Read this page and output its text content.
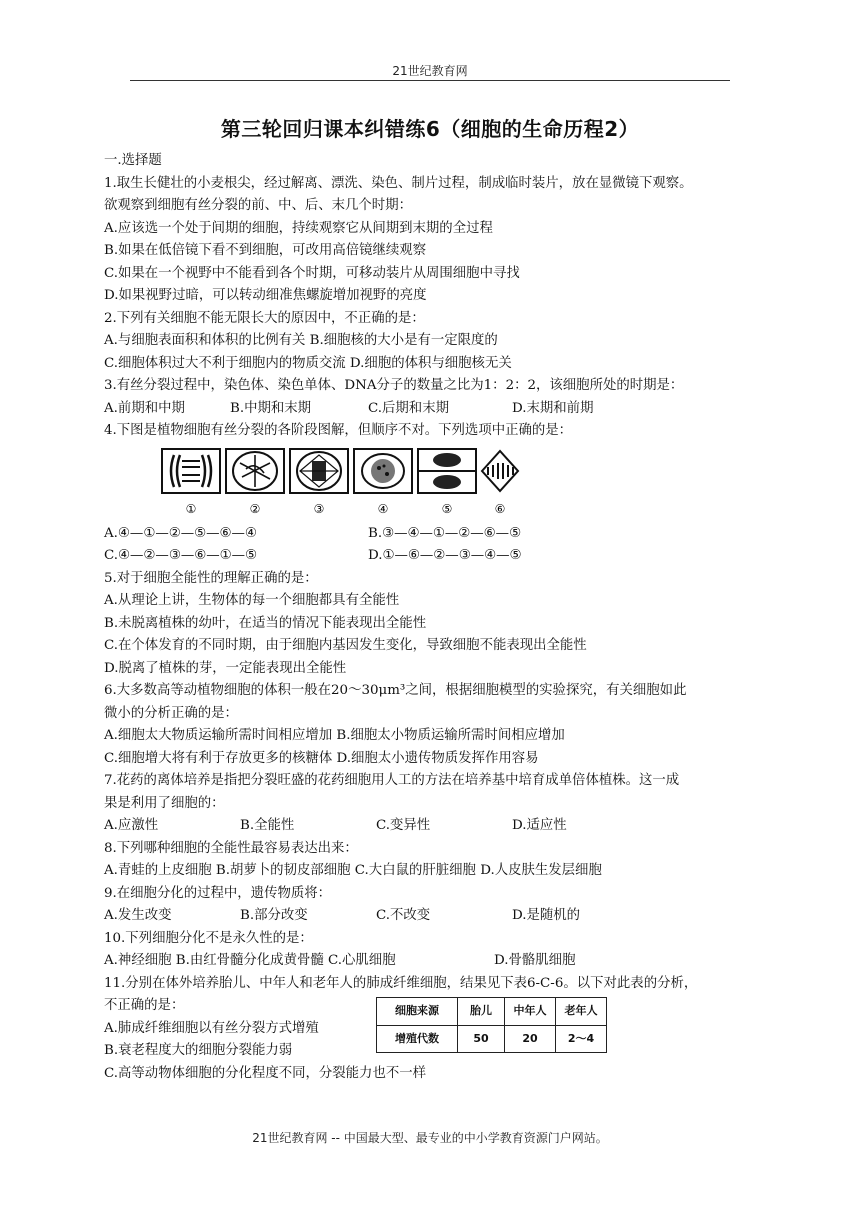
21世纪教育网
第三轮回归课本纠错练6（细胞的生命历程2）
一.选择题
1.取生长健壮的小麦根尖，经过解离、漂洗、染色、制片过程，制成临时装片，放在显微镜下观察。
欲观察到细胞有丝分裂的前、中、后、末几个时期：
A.应该选一个处于间期的细胞，持续观察它从间期到末期的全过程
B.如果在低倍镜下看不到细胞，可改用高倍镜继续观察
C.如果在一个视野中不能看到各个时期，可移动装片从周围细胞中寻找
D.如果视野过暗，可以转动细准焦螺旋增加视野的亮度
2.下列有关细胞不能无限长大的原因中，不正确的是：
A.与细胞表面积和体积的比例有关 B.细胞核的大小是有一定限度的
C.细胞体积过大不利于细胞内的物质交流 D.细胞的体积与细胞核无关
3.有丝分裂过程中，染色体、染色单体、DNA分子的数量之比为1：2：2，该细胞所处的时期是：
A.前期和中期	B.中期和末期	C.后期和末期	D.末期和前期
4.下图是植物细胞有丝分裂的各阶段图解，但顺序不对。下列选项中正确的是：
①	②	③	④	⑤	⑥
A.④—①—②—⑤—⑥—④	B.③—④—①—②—⑥—⑤
C.④—②—③—⑥—①—⑤	D.①—⑥—②—③—④—⑤
5.对于细胞全能性的理解正确的是：
A.从理论上讲，生物体的每一个细胞都具有全能性
B.未脱离植株的幼叶，在适当的情况下能表现出全能性
C.在个体发育的不同时期，由于细胞内基因发生变化，导致细胞不能表现出全能性
D.脱离了植株的芽，一定能表现出全能性
6.大多数高等动植物细胞的体积一般在20～30μm³之间，根据细胞模型的实验探究，有关细胞如此
微小的分析正确的是：
A.细胞太大物质运输所需时间相应增加 B.细胞太小物质运输所需时间相应增加
C.细胞增大将有利于存放更多的核糖体 D.细胞太小遗传物质发挥作用容易
7.花药的离体培养是指把分裂旺盛的花药细胞用人工的方法在培养基中培育成单倍体植株。这一成
果是利用了细胞的：
A.应激性	B.全能性	C.变异性	D.适应性
8.下列哪种细胞的全能性最容易表达出来：
A.青蛙的上皮细胞 B.胡萝卜的韧皮部细胞 C.大白鼠的肝脏细胞 D.人皮肤生发层细胞
9.在细胞分化的过程中，遗传物质将：
A.发生改变	B.部分改变	C.不改变	D.是随机的
10.下列细胞分化不是永久性的是：
A.神经细胞 B.由红骨髓分化成黄骨髓 C.心肌细胞	D.骨骼肌细胞
11.分别在体外培养胎儿、中年人和老年人的肺成纤维细胞，结果见下表6-C-6。以下对此表的分析，
不正确的是：
A.肺成纤维细胞以有丝分裂方式增殖
B.衰老程度大的细胞分裂能力弱
C.高等动物体细胞的分化程度不同，分裂能力也不一样
细胞来源	胎儿	中年人	老年人
增殖代数	50	20	2～4
21世纪教育网 -- 中国最大型、最专业的中小学教育资源门户网站。
